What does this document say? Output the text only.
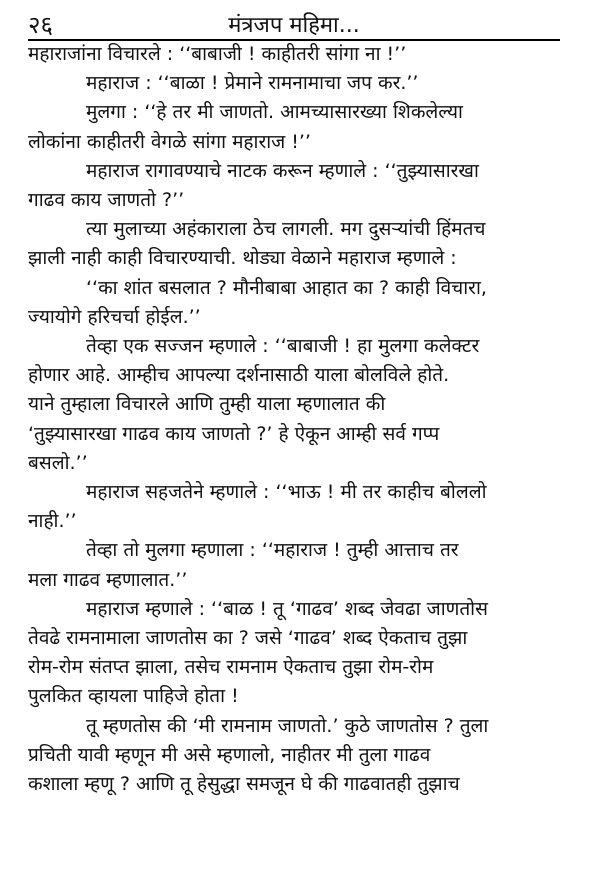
२६	मंत्रजप महिमा...
महाराजांना विचारले : ‘‘बाबाजी ! काहीतरी सांगा ना !’’
महाराज : ‘‘बाळा ! प्रेमाने रामनामाचा जप कर.’’
मुलगा : ‘‘हे तर मी जाणतो. आमच्यासारख्या शिकलेल्या
लोकांना काहीतरी वेगळे सांगा महाराज !’’
महाराज रागावण्याचे नाटक करून म्हणाले : ‘‘तुझ्यासारखा
गाढव काय जाणतो ?’’
त्या मुलाच्या अहंकाराला ठेच लागली. मग दुसऱ्यांची हिंमतच
झाली नाही काही विचारण्याची. थोड्या वेळाने महाराज म्हणाले :
‘‘का शांत बसलात ? मौनीबाबा आहात का ? काही विचारा,
ज्यायोगे हरिचर्चा होईल.’’
तेव्हा एक सज्जन म्हणाले : ‘‘बाबाजी ! हा मुलगा कलेक्टर
होणार आहे. आम्हीच आपल्या दर्शनासाठी याला बोलविले होते.
याने तुम्हाला विचारले आणि तुम्ही याला म्हणालात की
‘तुझ्यासारखा गाढव काय जाणतो ?’ हे ऐकून आम्ही सर्व गप्प
बसलो.’’
महाराज सहजतेने म्हणाले : ‘‘भाऊ ! मी तर काहीच बोललो
नाही.’’
तेव्हा तो मुलगा म्हणाला : ‘‘महाराज ! तुम्ही आत्ताच तर
मला गाढव म्हणालात.’’
महाराज म्हणाले : ‘‘बाळ ! तू ‘गाढव’ शब्द जेवढा जाणतोस
तेवढे रामनामाला जाणतोस का ? जसे ‘गाढव’ शब्द ऐकताच तुझा
रोम-रोम संतप्त झाला, तसेच रामनाम ऐकताच तुझा रोम-रोम
पुलकित व्हायला पाहिजे होता !
तू म्हणतोस की ‘मी रामनाम जाणतो.’ कुठे जाणतोस ? तुला
प्रचिती यावी म्हणून मी असे म्हणालो, नाहीतर मी तुला गाढव
कशाला म्हणू ? आणि तू हेसुद्धा समजून घे की गाढवातही तुझाच
